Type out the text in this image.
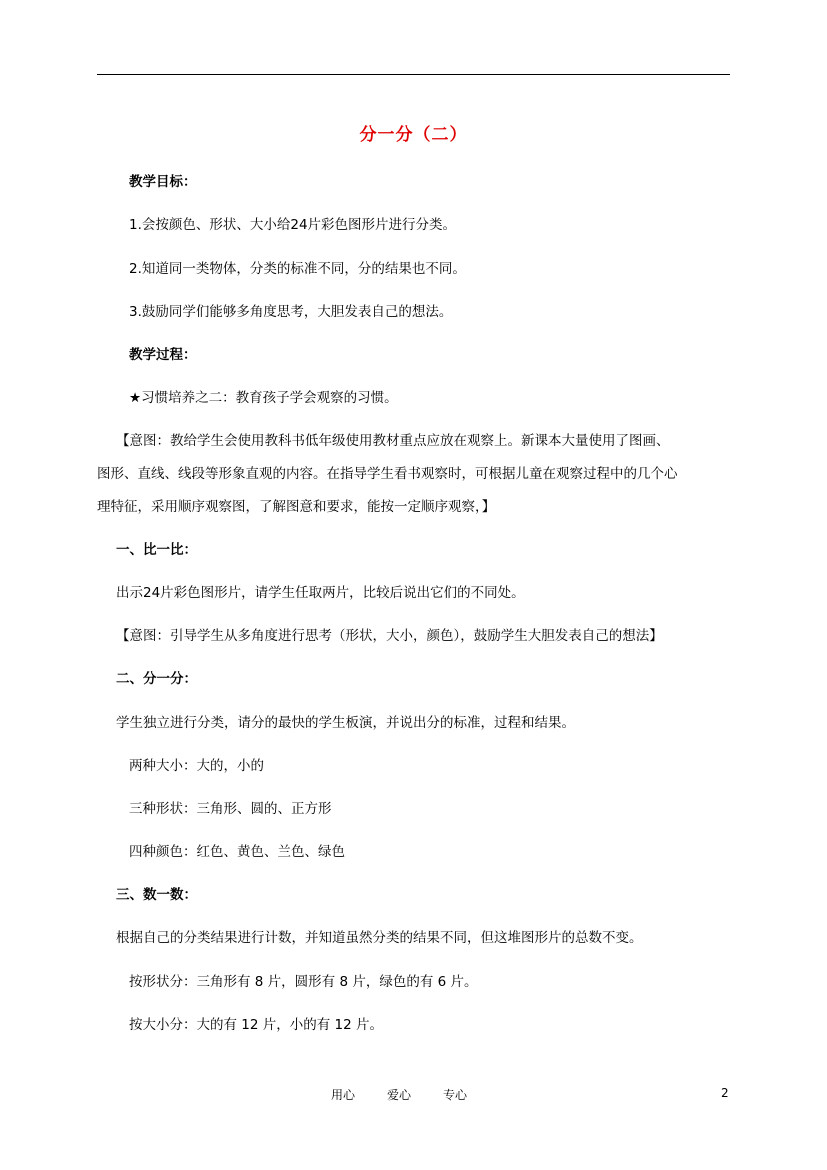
分一分（二）
教学目标：
1.会按颜色、形状、大小给24片彩色图形片进行分类。
2.知道同一类物体，分类的标准不同，分的结果也不同。
3.鼓励同学们能够多角度思考，大胆发表自己的想法。
教学过程：
★习惯培养之二：教育孩子学会观察的习惯。
【意图：教给学生会使用教科书低年级使用教材重点应放在观察上。新课本大量使用了图画、
图形、直线、线段等形象直观的内容。在指导学生看书观察时，可根据儿童在观察过程中的几个心
理特征，采用顺序观察图，了解图意和要求，能按一定顺序观察，】
一、比一比：
出示24片彩色图形片，请学生任取两片，比较后说出它们的不同处。
【意图：引导学生从多角度进行思考（形状，大小，颜色），鼓励学生大胆发表自己的想法】
二、分一分：
学生独立进行分类，请分的最快的学生板演，并说出分的标准，过程和结果。
两种大小：大的，小的
三种形状：三角形、圆的、正方形
四种颜色：红色、黄色、兰色、绿色
三、数一数：
根据自己的分类结果进行计数，并知道虽然分类的结果不同，但这堆图形片的总数不变。
按形状分：三角形有 8 片，圆形有 8 片，绿色的有 6 片。
按大小分：大的有 12 片，小的有 12 片。
用心	爱心	专心	2
